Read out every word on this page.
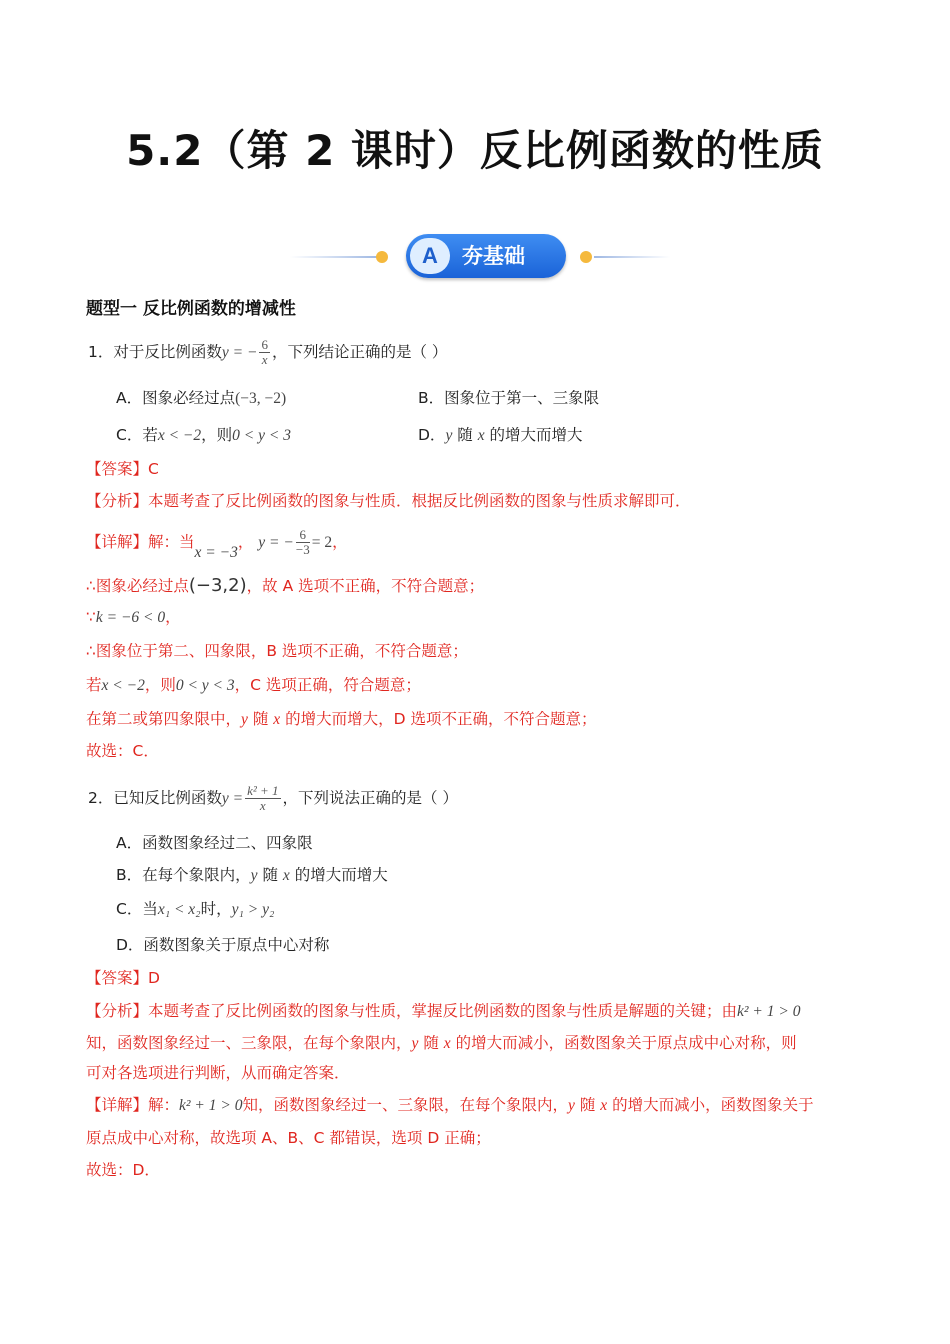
5.2（第 2 课时）反比例函数的性质
A	夯基础
题型一 反比例函数的增减性
1．对于反比例函数y = − $\frac{6}{x}$ ，下列结论正确的是（ ）
A．图象必经过点(−3, −2)	B．图象位于第一、三象限
C．若x < −2，则0 < y < 3	D．y 随 x 的增大而增大
【答案】C
【分析】本题考查了反比例函数的图象与性质．根据反比例函数的图象与性质求解即可．
【详解】解：当x = −3， y = − $\frac{6}{-3} = 2$，
∴图象必经过点(−3,2)，故 A 选项不正确，不符合题意；
∵k = −6 < 0，
∴图象位于第二、四象限，B 选项不正确，不符合题意；
若x < −2，则0 < y < 3，C 选项正确，符合题意；
在第二或第四象限中，y 随 x 的增大而增大，D 选项不正确，不符合题意；
故选：C．
2．已知反比例函数$y = \frac{\text{k² + 1}}{x}$ ，下列说法正确的是（ ）
A．函数图象经过二、四象限
B．在每个象限内，y 随 x 的增大而增大
C．当x₁ < x₂时，y₁ > y₂
D．函数图象关于原点中心对称
【答案】D
【分析】本题考查了反比例函数的图象与性质，掌握反比例函数的图象与性质是解题的关键；由k² + 1 > 0
知，函数图象经过一、三象限，在每个象限内，y 随 x 的增大而减小，函数图象关于原点成中心对称，则
可对各选项进行判断，从而确定答案．
【详解】解：k² + 1 > 0知，函数图象经过一、三象限，在每个象限内，y 随 x 的增大而减小，函数图象关于
原点成中心对称，故选项 A、B、C 都错误，选项 D 正确；
故选：D．
